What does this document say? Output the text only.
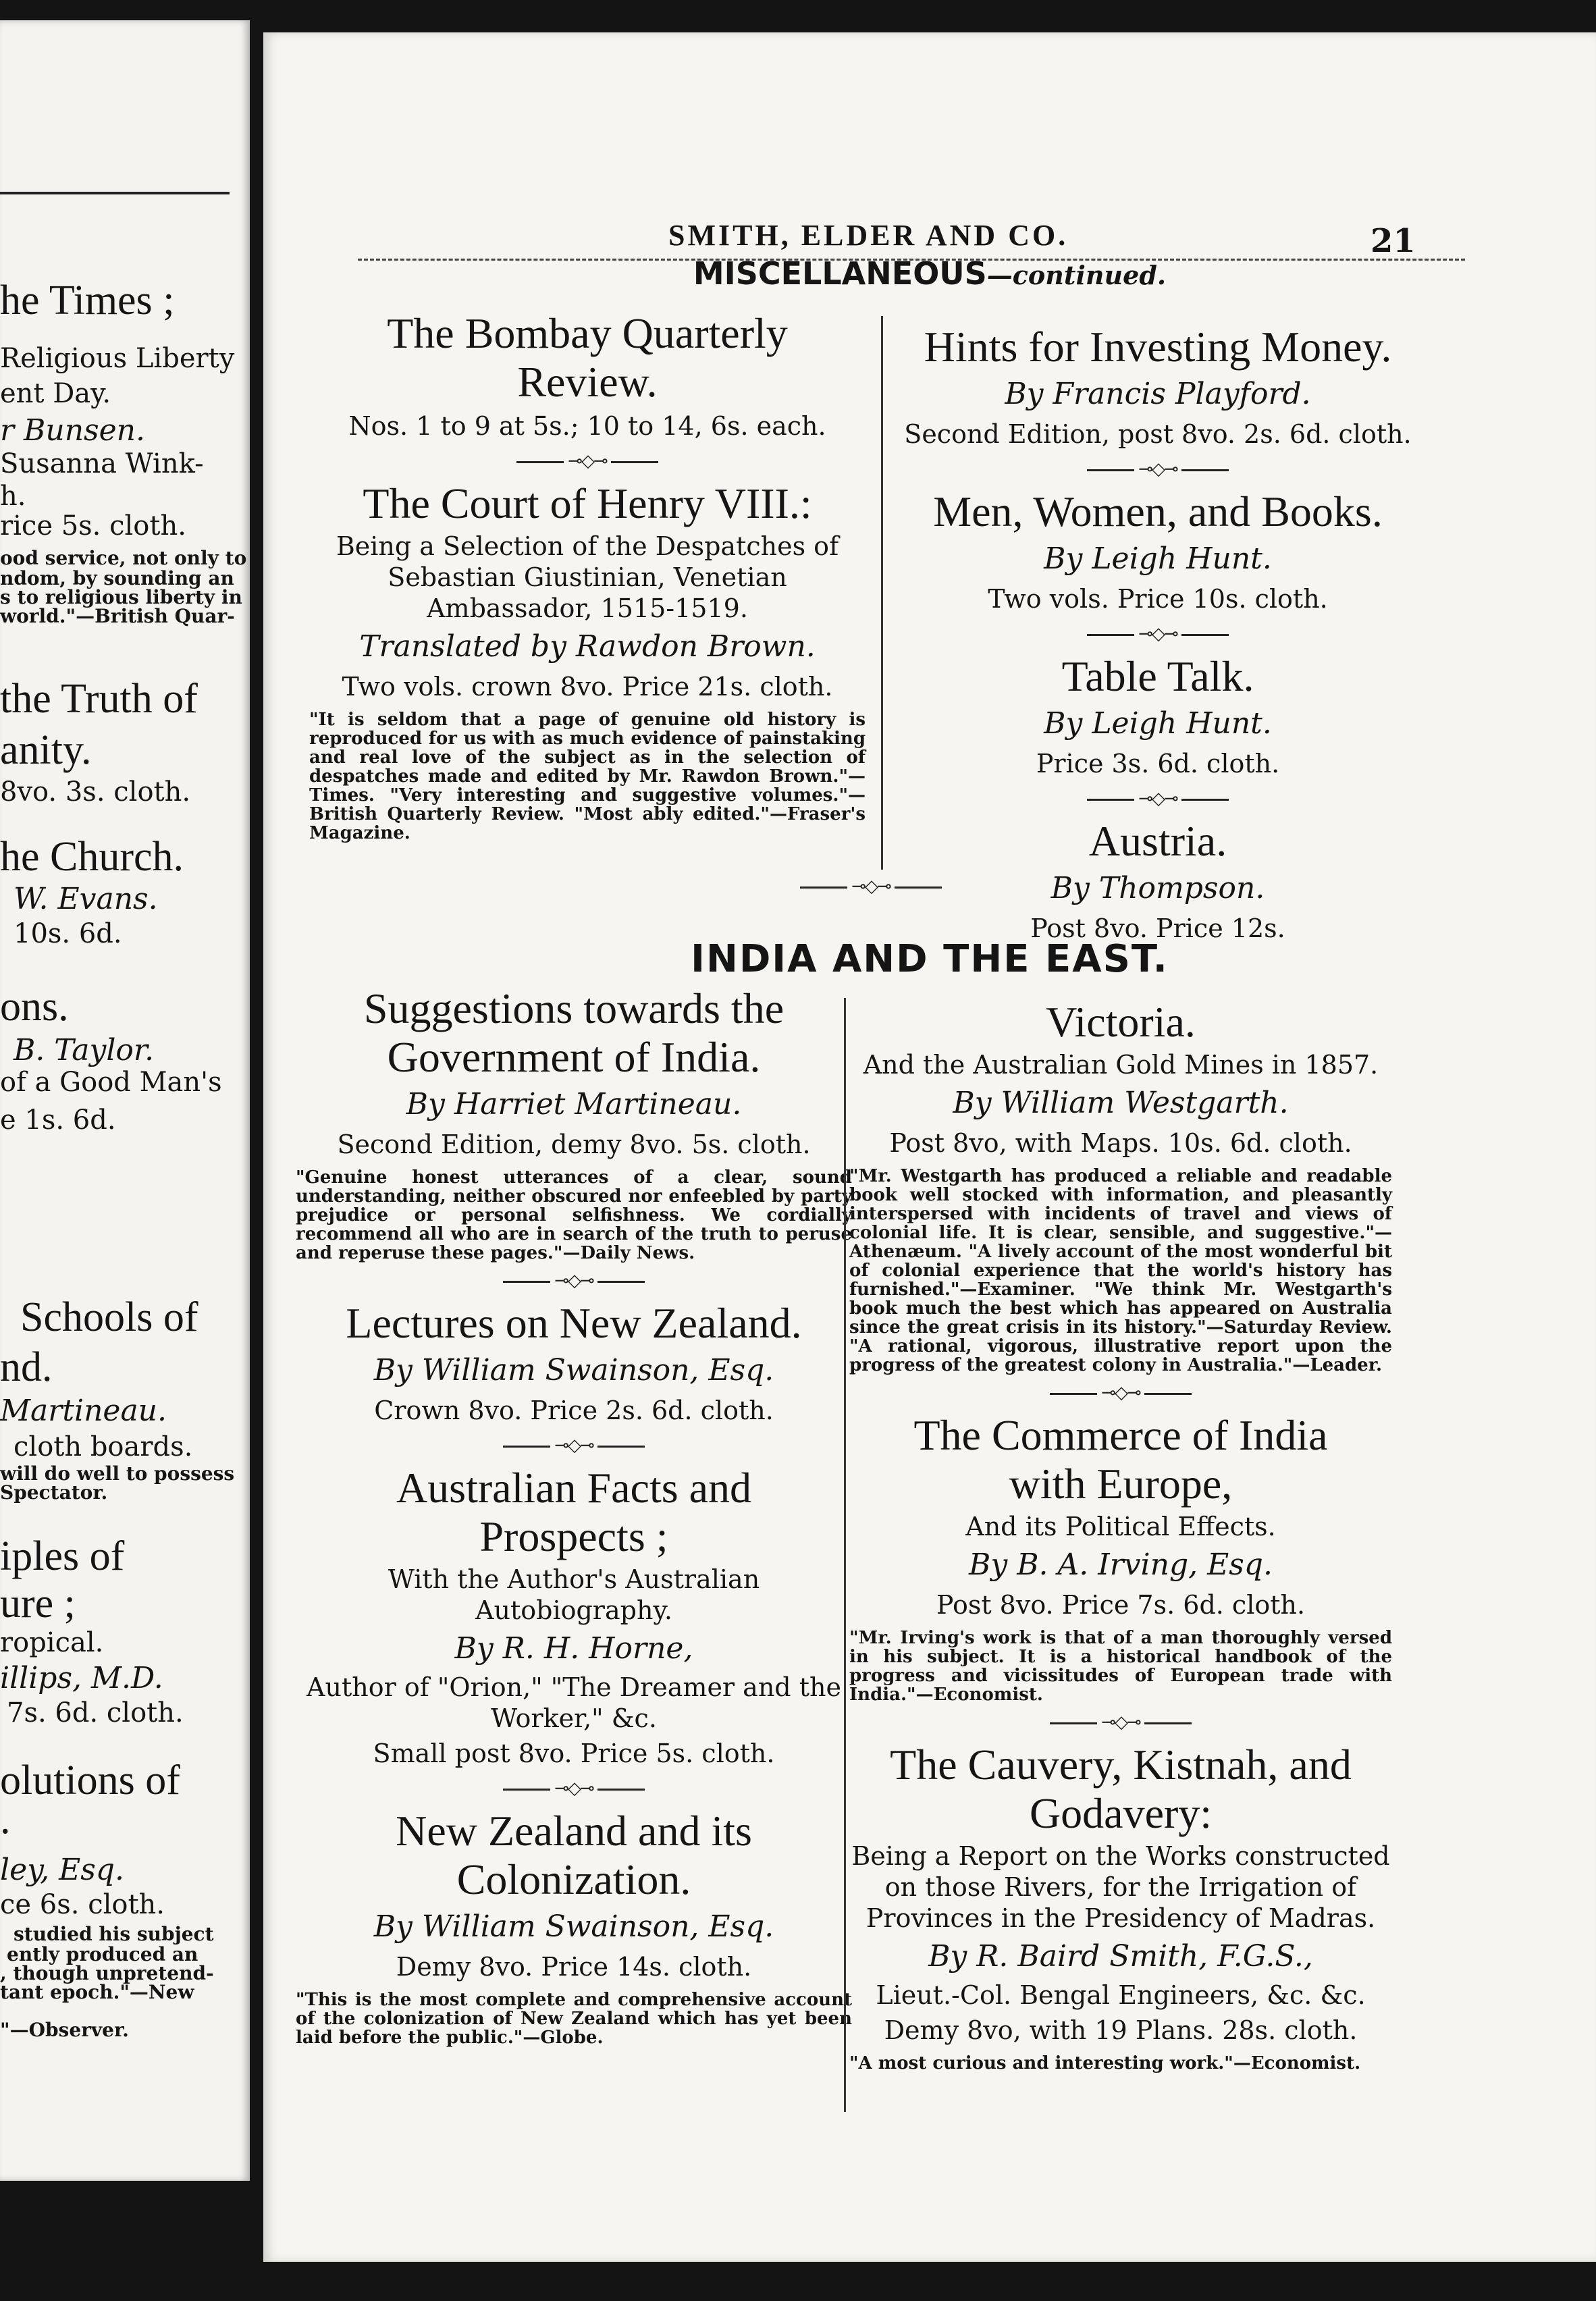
he Times ;
Religious Liberty
ent Day.
r Bunsen.
Susanna Wink-
h.
rice 5s. cloth.
ood service, not only to
ndom, by sounding an
s to religious liberty in
world."—British Quar-
the Truth of
anity.
8vo. 3s. cloth.
he Church.
W. Evans.
10s. 6d.
ons.
B. Taylor.
of a Good Man's
e 1s. 6d.
Schools of
nd.
Martineau.
cloth boards.
will do well to possess
Spectator.
iples of
ure ;
ropical.
illips, M.D.
7s. 6d. cloth.
olutions of
.
ley, Esq.
ce 6s. cloth.
studied his subject
ently produced an
, though unpretend-
tant epoch."—New
"—Observer.
SMITH, ELDER AND CO.	21
MISCELLANEOUS—continued.
The Bombay Quarterly
Review.
Nos. 1 to 9 at 5s.; 10 to 14, 6s. each.
⊸◇⊸
The Court of Henry VIII.:
Being a Selection of the Despatches of Sebastian Giustinian, Venetian Ambassador, 1515-1519.
Translated by Rawdon Brown.
Two vols. crown 8vo. Price 21s. cloth.
"It is seldom that a page of genuine old history is reproduced for us with as much evidence of painstaking and real love of the subject as in the selection of despatches made and edited by Mr. Rawdon Brown."—Times. "Very interesting and suggestive volumes."—British Quarterly Review. "Most ably edited."—Fraser's Magazine.
Hints for Investing Money.
By Francis Playford.
Second Edition, post 8vo. 2s. 6d. cloth.
⊸◇⊸
Men, Women, and Books.
By Leigh Hunt.
Two vols. Price 10s. cloth.
⊸◇⊸
Table Talk.
By Leigh Hunt.
Price 3s. 6d. cloth.
⊸◇⊸
Austria.
By Thompson.
Post 8vo. Price 12s.
⊸◇⊸
INDIA AND THE EAST.
Suggestions towards the
Government of India.
By Harriet Martineau.
Second Edition, demy 8vo. 5s. cloth.
"Genuine honest utterances of a clear, sound understanding, neither obscured nor enfeebled by party prejudice or personal selfishness. We cordially recommend all who are in search of the truth to peruse and reperuse these pages."—Daily News.
⊸◇⊸
Lectures on New Zealand.
By William Swainson, Esq.
Crown 8vo. Price 2s. 6d. cloth.
⊸◇⊸
Australian Facts and
Prospects ;
With the Author's Australian Autobiography.
By R. H. Horne,
Author of "Orion," "The Dreamer and the Worker," &c.
Small post 8vo. Price 5s. cloth.
⊸◇⊸
New Zealand and its
Colonization.
By William Swainson, Esq.
Demy 8vo. Price 14s. cloth.
"This is the most complete and comprehensive account of the colonization of New Zealand which has yet been laid before the public."—Globe.
Victoria.
And the Australian Gold Mines in 1857.
By William Westgarth.
Post 8vo, with Maps. 10s. 6d. cloth.
"Mr. Westgarth has produced a reliable and readable book well stocked with information, and pleasantly interspersed with incidents of travel and views of colonial life. It is clear, sensible, and suggestive."—Athenæum. "A lively account of the most wonderful bit of colonial experience that the world's history has furnished."—Examiner. "We think Mr. Westgarth's book much the best which has appeared on Australia since the great crisis in its history."—Saturday Review. "A rational, vigorous, illustrative report upon the progress of the greatest colony in Australia."—Leader.
⊸◇⊸
The Commerce of India
with Europe,
And its Political Effects.
By B. A. Irving, Esq.
Post 8vo. Price 7s. 6d. cloth.
"Mr. Irving's work is that of a man thoroughly versed in his subject. It is a historical handbook of the progress and vicissitudes of European trade with India."—Economist.
⊸◇⊸
The Cauvery, Kistnah, and
Godavery:
Being a Report on the Works constructed on those Rivers, for the Irrigation of Provinces in the Presidency of Madras.
By R. Baird Smith, F.G.S.,
Lieut.-Col. Bengal Engineers, &c. &c.
Demy 8vo, with 19 Plans. 28s. cloth.
"A most curious and interesting work."—Economist.
